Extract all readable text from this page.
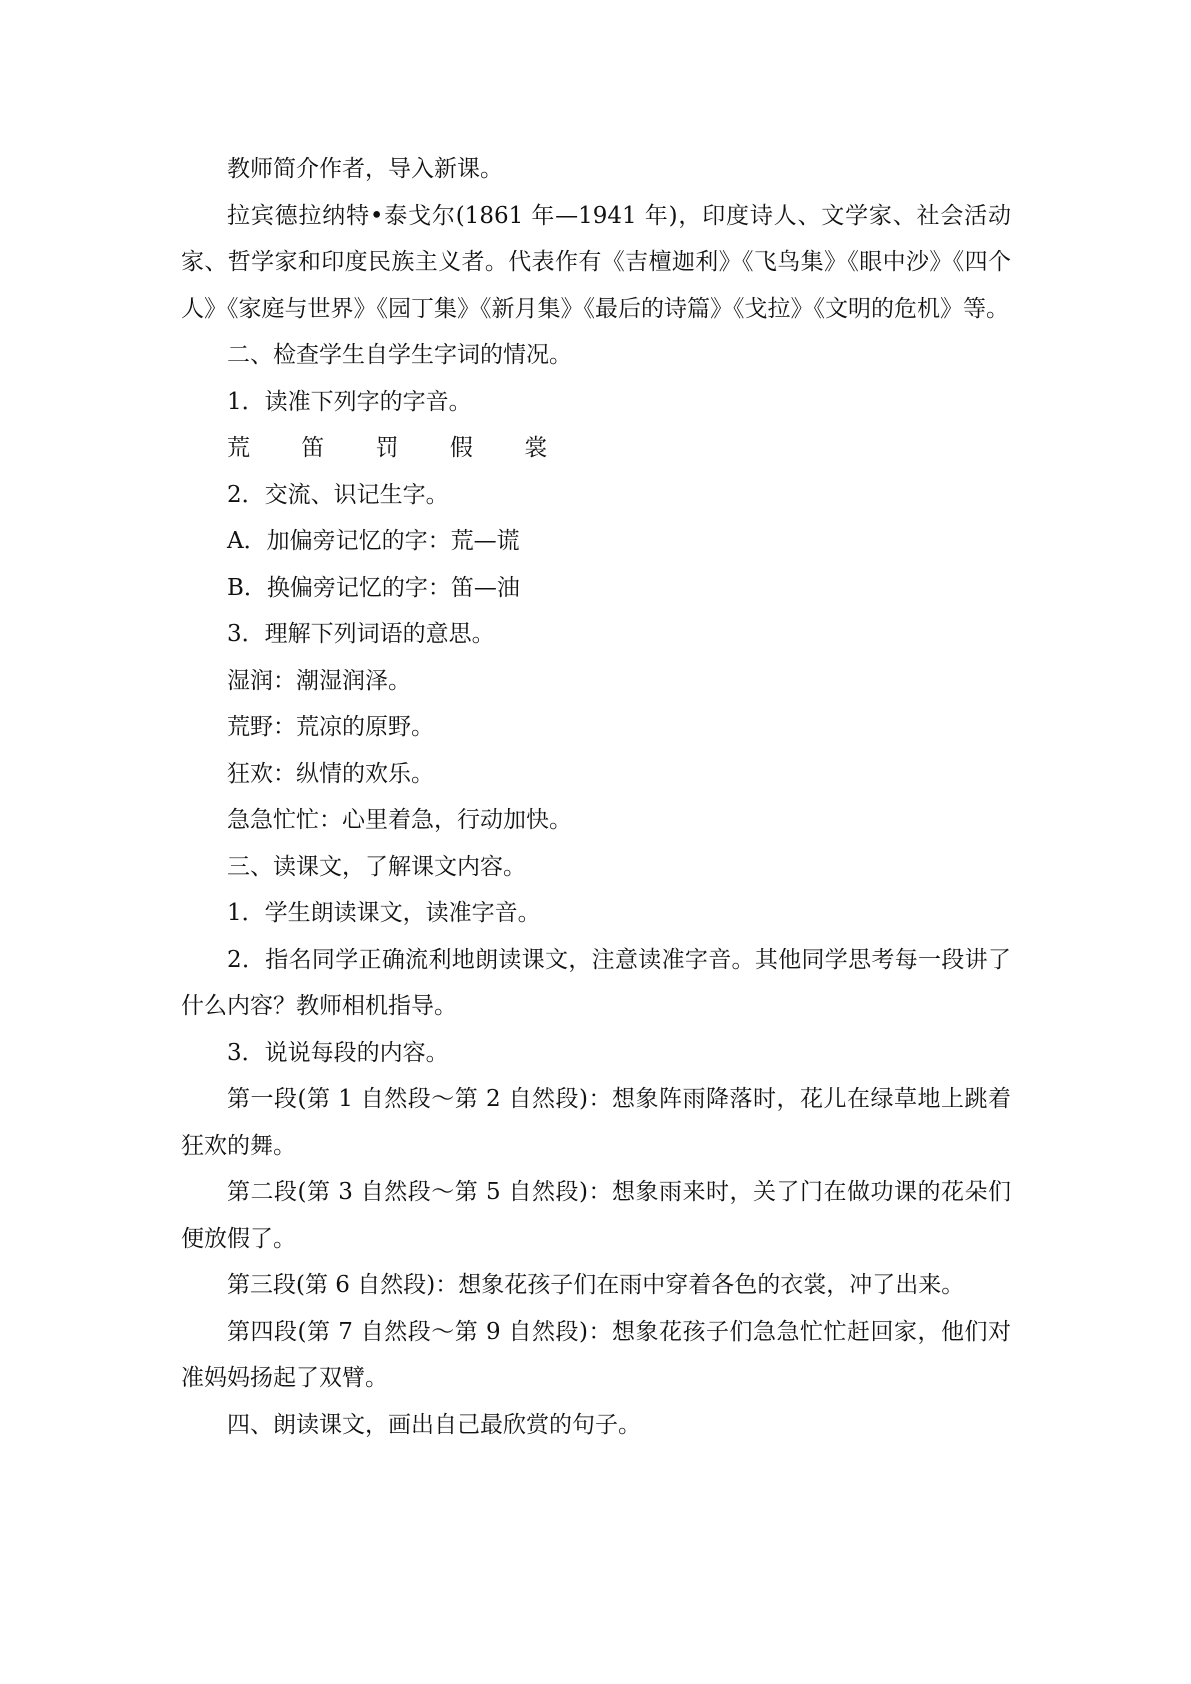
教师简介作者，导入新课。

拉宾德拉纳特•泰戈尔(1861 年—1941 年)，印度诗人、文学家、社会活动家、哲学家和印度民族主义者。代表作有《吉檀迦利》《飞鸟集》《眼中沙》《四个人》《家庭与世界》《园丁集》《新月集》《最后的诗篇》《戈拉》《文明的危机》等。

二、检查学生自学生字词的情况。

1．读准下列字的字音。

荒 笛 罚 假 裳

2．交流、识记生字。

A．加偏旁记忆的字：荒—谎

B．换偏旁记忆的字：笛—油

3．理解下列词语的意思。

湿润：潮湿润泽。

荒野：荒凉的原野。

狂欢：纵情的欢乐。

急急忙忙：心里着急，行动加快。

三、读课文，了解课文内容。

1．学生朗读课文，读准字音。

2．指名同学正确流利地朗读课文，注意读准字音。其他同学思考每一段讲了什么内容？教师相机指导。

3．说说每段的内容。

第一段(第 1 自然段～第 2 自然段)：想象阵雨降落时，花儿在绿草地上跳着狂欢的舞。

第二段(第 3 自然段～第 5 自然段)：想象雨来时，关了门在做功课的花朵们便放假了。

第三段(第 6 自然段)：想象花孩子们在雨中穿着各色的衣裳，冲了出来。

第四段(第 7 自然段～第 9 自然段)：想象花孩子们急急忙忙赶回家，他们对准妈妈扬起了双臂。

四、朗读课文，画出自己最欣赏的句子。
